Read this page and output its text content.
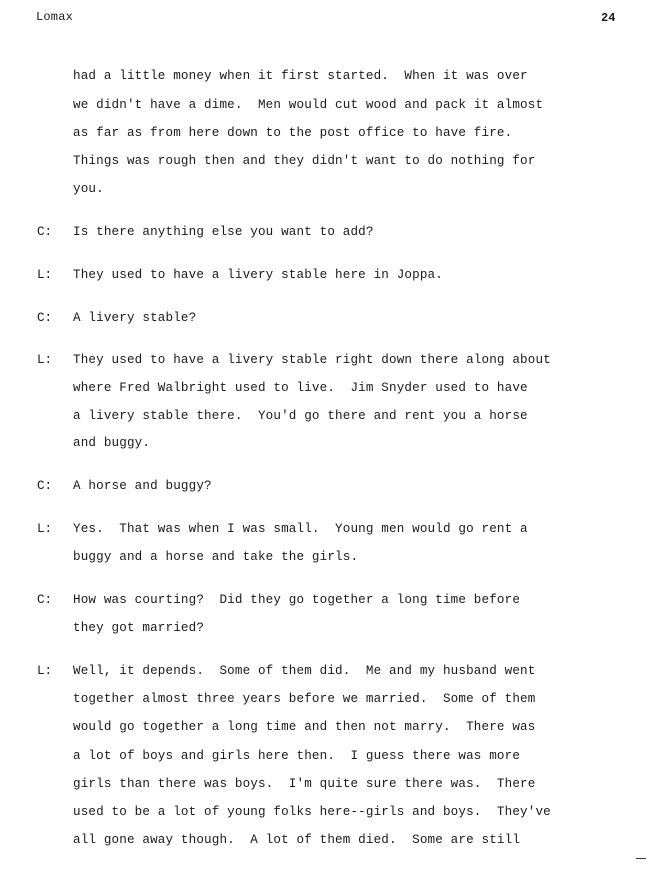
Lomax	24
had a little money when it first started.  When it was over
we didn't have a dime.  Men would cut wood and pack it almost
as far as from here down to the post office to have fire.
Things was rough then and they didn't want to do nothing for
you.
C: Is there anything else you want to add?
L: They used to have a livery stable here in Joppa.
C: A livery stable?
L: They used to have a livery stable right down there along about
where Fred Walbright used to live.  Jim Snyder used to have
a livery stable there.  You'd go there and rent you a horse
and buggy.
C: A horse and buggy?
L: Yes.  That was when I was small.  Young men would go rent a
buggy and a horse and take the girls.
C: How was courting?  Did they go together a long time before
they got married?
L: Well, it depends.  Some of them did.  Me and my husband went
together almost three years before we married.  Some of them
would go together a long time and then not marry.  There was
a lot of boys and girls here then.  I guess there was more
girls than there was boys.  I'm quite sure there was.  There
used to be a lot of young folks here--girls and boys.  They've
all gone away though.  A lot of them died.  Some are still
